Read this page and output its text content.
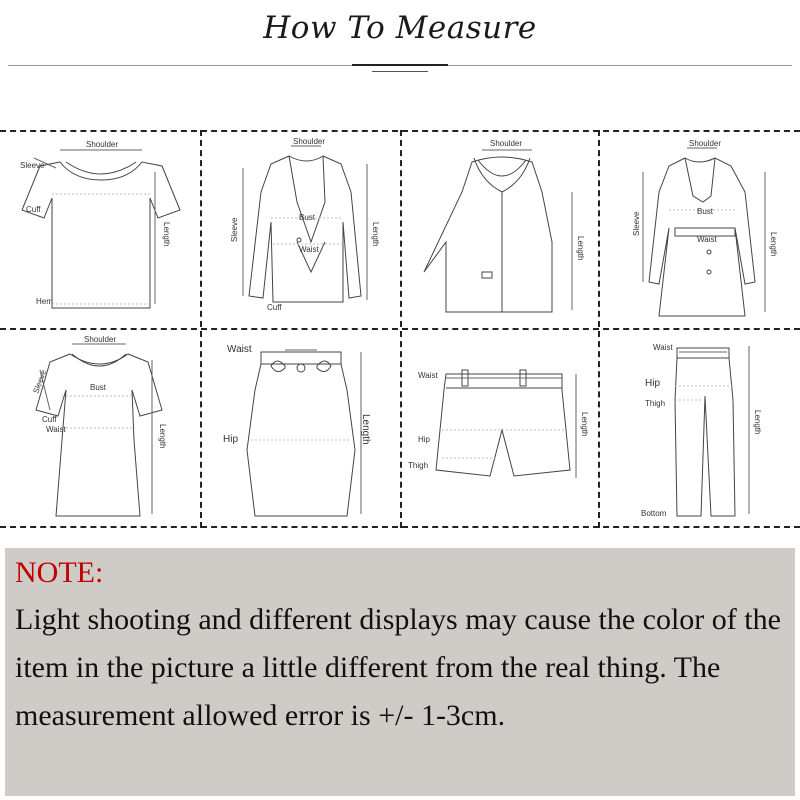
How To Measure
Shoulder
Sleeve
Cuff
Hem
Length
Shoulder
Bust
Waist
Cuff
Sleeve	Length
Shoulder
Length
Shoulder
Bust
Waist
Sleeve
Length
Shoulder
Bust
Cuff
Waist
Sleeve
Length
Waist
Hip	Length
Waist
Hip
Thigh
Length
Waist
Hip
Thigh
Bottom
Length
NOTE:
Light shooting and different displays may cause the color of the item in the picture a little different from the real thing. The measurement allowed error is +/- 1-3cm.
